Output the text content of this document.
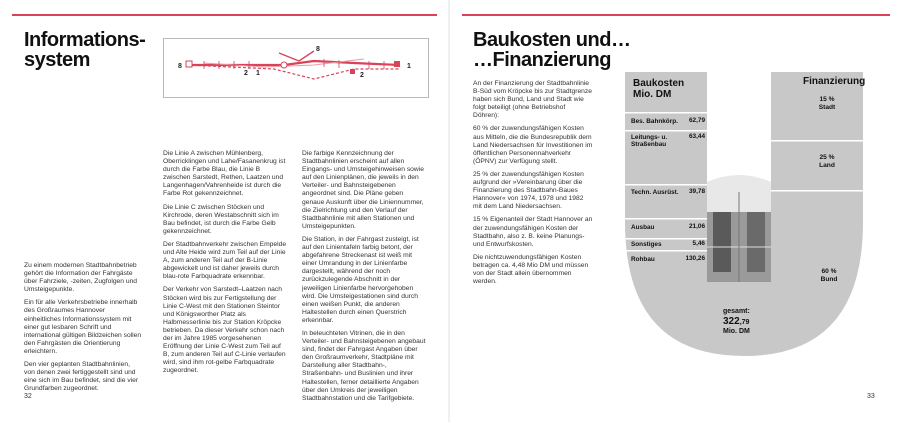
Informations-
system	8
8
2 1
1
2

Zu einem modernen Stadtbahnbetrieb gehört die Information der Fahrgäste über Fahrziele, -zeiten, Zugfolgen und Umsteigepunkte.

Ein für alle Verkehrsbetriebe innerhalb des Großraumes Hannover einheitliches Informationssystem mit einer gut lesbaren Schrift und international gültigen Bildzeichen sollen den Fahrgästen die Orientierung erleichtern.

Den vier geplanten Stadtbahnlinien, von denen zwei fertiggestellt sind und eine sich im Bau befindet, sind die vier Grundfarben zugeordnet.

Die Linie A zwischen Mühlenberg, Oberricklingen und Lahe/Fasanenkrug ist durch die Farbe Blau, die Linie B zwischen Sarstedt, Rethen, Laatzen und Langenhagen/Vahrenheide ist durch die Farbe Rot gekennzeichnet.

Die Linie C zwischen Stöcken und Kirchrode, deren Westabschnitt sich im Bau befindet, ist durch die Farbe Gelb gekennzeichnet.

Der Stadtbahnverkehr zwischen Empelde und Alte Heide wird zum Teil auf der Linie A, zum anderen Teil auf der B-Linie abgewickelt und ist daher jeweils durch blau-rote Farbquadrate erkennbar.

Der Verkehr von Sarstedt–Laatzen nach Stöcken wird bis zur Fertigstellung der Linie C-West mit den Stationen Steintor und Königsworther Platz als Halbmesserlinie bis zur Station Kröpcke betrieben. Da dieser Verkehr schon nach der im Jahre 1985 vorgesehenen Eröffnung der Linie C-West zum Teil auf B, zum anderen Teil auf C-Linie verlaufen wird, sind ihm rot-gelbe Farbquadrate zugeordnet.

Die farbige Kennzeichnung der Stadtbahnlinien erscheint auf allen Eingangs- und Umsteigehinweisen sowie auf den Linienplänen, die jeweils in den Verteiler- und Bahnsteigebenen angeordnet sind. Die Pläne geben genaue Auskunft über die Liniennummer, die Zielrichtung und den Verlauf der Stadtbahnlinie mit allen Stationen und Umsteigepunkten.

Die Station, in der Fahrgast zusteigt, ist auf den Linientafeln farbig betont, der abgefahrene Streckenast ist weiß mit einer Umrandung in der Linienfarbe dargestellt, während der noch zurückzulegende Abschnitt in der jeweiligen Linienfarbe hervorgehoben wird. Die Umsteigestationen sind durch einen weißen Punkt, die anderen Haltestellen durch einen Querstrich erkennbar.

In beleuchteten Vitrinen, die in den Verteiler- und Bahnsteigebenen angebaut sind, findet der Fahrgast Angaben über den Großraumverkehr, Stadtpläne mit Darstellung aller Stadtbahn-, Straßenbahn- und Buslinien und ihrer Haltestellen, ferner detaillierte Angaben über den Umkreis der jeweiligen Stadtbahnstation und die Tarifgebiete.

32
Baukosten und…
…Finanzierung

An der Finanzierung der Stadtbahnlinie B-Süd vom Kröpcke bis zur Stadtgrenze haben sich Bund, Land und Stadt wie folgt beteiligt (ohne Betriebshof Döhren):

60 % der zuwendungsfähigen Kosten aus Mitteln, die die Bundesrepublik dem Land Niedersachsen für Investitionen im öffentlichen Personennahverkehr (ÖPNV) zur Verfügung stellt.

25 % der zuwendungsfähigen Kosten aufgrund der »Vereinbarung über die Finanzierung des Stadtbahn-Baues Hannover« von 1974, 1978 und 1982 mit dem Land Niedersachsen.

15 % Eigenanteil der Stadt Hannover an der zuwendungsfähigen Kosten der Stadtbahn, also z. B. keine Planungs- und Entwurfskosten.

Die nichtzuwendungsfähigen Kosten betragen ca. 4,48 Mio DM und müssen von der Stadt allein übernommen werden.

Baukosten
Mio. DM
Finanzierung
Bes. Bahnkörp.	62,79
Leitungs- u. Straßenbau
63,44
Techn. Ausrüst.	39,78
Ausbau	21,06
Sonstiges	5,46
Rohbau	130,26
15 %
Stadt
25 %
Land
60 %
Bund
gesamt:
322,79
Mio. DM
33
